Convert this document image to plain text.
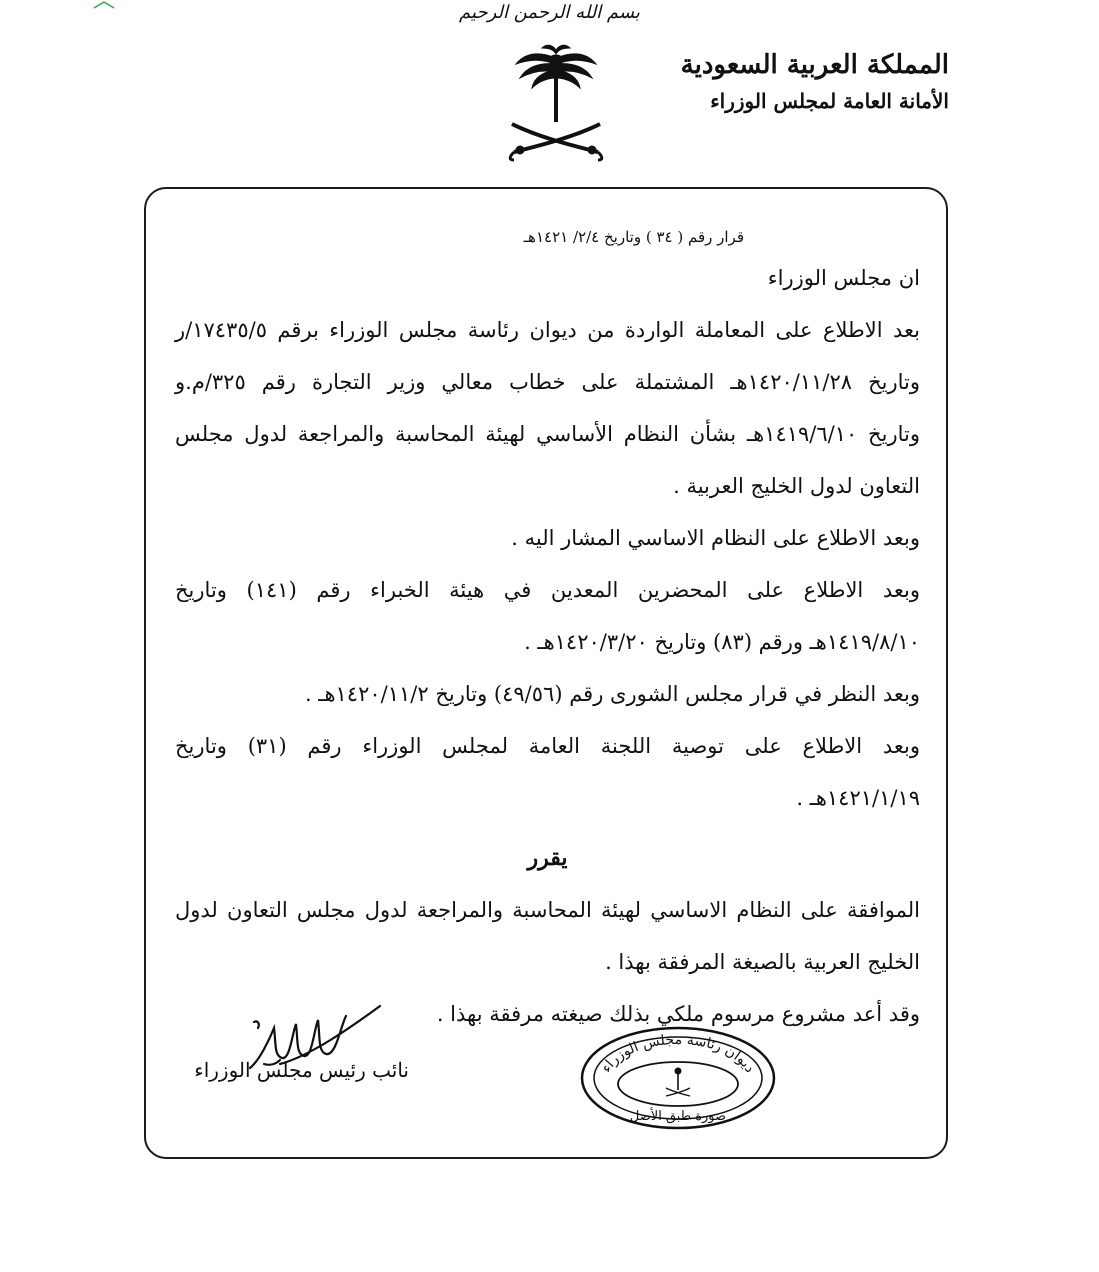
بسم الله الرحمن الرحيم
المملكة العربية السعودية
الأمانة العامة لمجلس الوزراء
قرار رقم ( ٣٤ ) وتاريخ ٢/٤/ ١٤٢١هـ
ان مجلس الوزراء
بعد الاطلاع على المعاملة الواردة من ديوان رئاسة مجلس الوزراء برقم ١٧٤٣٥/٥/ر
وتاريخ ١٤٢٠/١١/٢٨هـ المشتملة على خطاب معالي وزير التجارة رقم ٣٢٥/م.و
وتاريخ ١٤١٩/٦/١٠هـ بشأن النظام الأساسي لهيئة المحاسبة والمراجعة لدول مجلس
التعاون لدول الخليج العربية .
وبعد الاطلاع على النظام الاساسي المشار اليه .
وبعد الاطلاع على المحضرين المعدين في هيئة الخبراء رقم (١٤١) وتاريخ
١٤١٩/٨/١٠هـ ورقم (٨٣) وتاريخ ١٤٢٠/٣/٢٠هـ .
وبعد النظر في قرار مجلس الشورى رقم (٤٩/٥٦) وتاريخ ١٤٢٠/١١/٢هـ .
وبعد الاطلاع على توصية اللجنة العامة لمجلس الوزراء رقم (٣١) وتاريخ
١٤٢١/١/١٩هـ .
يقرر
الموافقة على النظام الاساسي لهيئة المحاسبة والمراجعة لدول مجلس التعاون لدول
الخليج العربية بالصيغة المرفقة بهذا .
وقد أعد مشروع مرسوم ملكي بذلك صيغته مرفقة بهذا .
نائب رئيس مجلس الوزراء	ديوان رئاسة مجلس الوزراء
صورة طبق الأصل
